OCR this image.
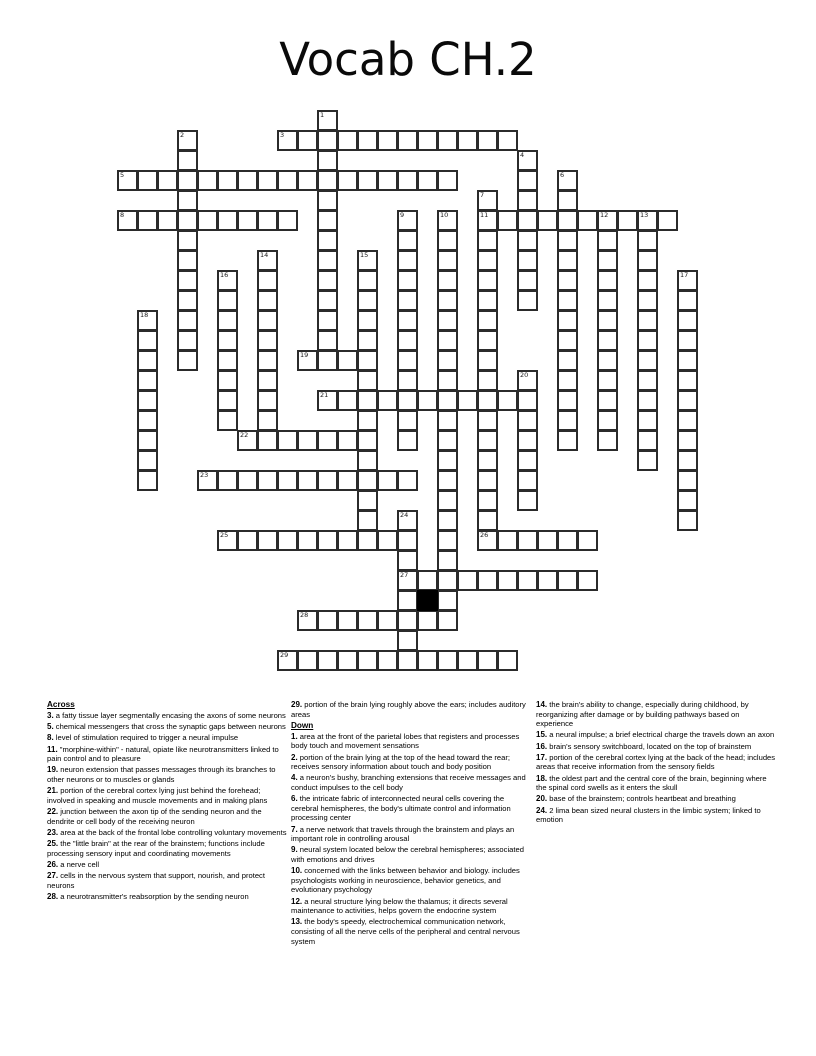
Vocab CH.2
1
2	3
4
5	6
7
11
26
8	9	10	12	13
14	15
16	17
18
19
20
21
22
23
24
27
25
28
29
Across
3. a fatty tissue layer segmentally encasing the axons of some neurons
5. chemical messengers that cross the synaptic gaps between neurons
8. level of stimulation required to trigger a neural impulse
11. "morphine-within" - natural, opiate like neurotransmitters linked to pain control and to pleasure
19. neuron extension that passes messages through its branches to other neurons or to muscles or glands
21. portion of the cerebral cortex lying just behind the forehead; involved in speaking and muscle movements and in making plans
22. junction between the axon tip of the sending neuron and the dendrite or cell body of the receiving neuron
23. area at the back of the frontal lobe controlling voluntary movements
25. the "little brain" at the rear of the brainstem; functions include processing sensory input and coordinating movements
26. a nerve cell
27. cells in the nervous system that support, nourish, and protect neurons
28. a neurotransmitter's reabsorption by the sending neuron
29. portion of the brain lying roughly above the ears; includes auditory areas
Down
1. area at the front of the parietal lobes that registers and processes body touch and movement sensations
2. portion of the brain lying at the top of the head toward the rear; receives sensory information about touch and body position
4. a neuron's bushy, branching extensions that receive messages and conduct impulses to the cell body
6. the intricate fabric of interconnected neural cells covering the cerebral hemispheres, the body's ultimate control and information processing center
7. a nerve network that travels through the brainstem and plays an important role in controlling arousal
9. neural system located below the cerebral hemispheres; associated with emotions and drives
10. concerned with the links between behavior and biology. includes psychologists working in neuroscience, behavior genetics, and evolutionary psychology
12. a neural structure lying below the thalamus; it directs several maintenance to activities, helps govern the endocrine system
13. the body's speedy, electrochemical communication network, consisting of all the nerve cells of the peripheral and central nervous system
14. the brain's ability to change, especially during childhood, by reorganizing after damage or by building pathways based on experience
15. a neural impulse; a brief electrical charge the travels down an axon
16. brain's sensory switchboard, located on the top of brainstem
17. portion of the cerebral cortex lying at the back of the head; includes areas that receive information from the sensory fields
18. the oldest part and the central core of the brain, beginning where the spinal cord swells as it enters the skull
20. base of the brainstem; controls heartbeat and breathing
24. 2 lima bean sized neural clusters in the limbic system; linked to emotion
